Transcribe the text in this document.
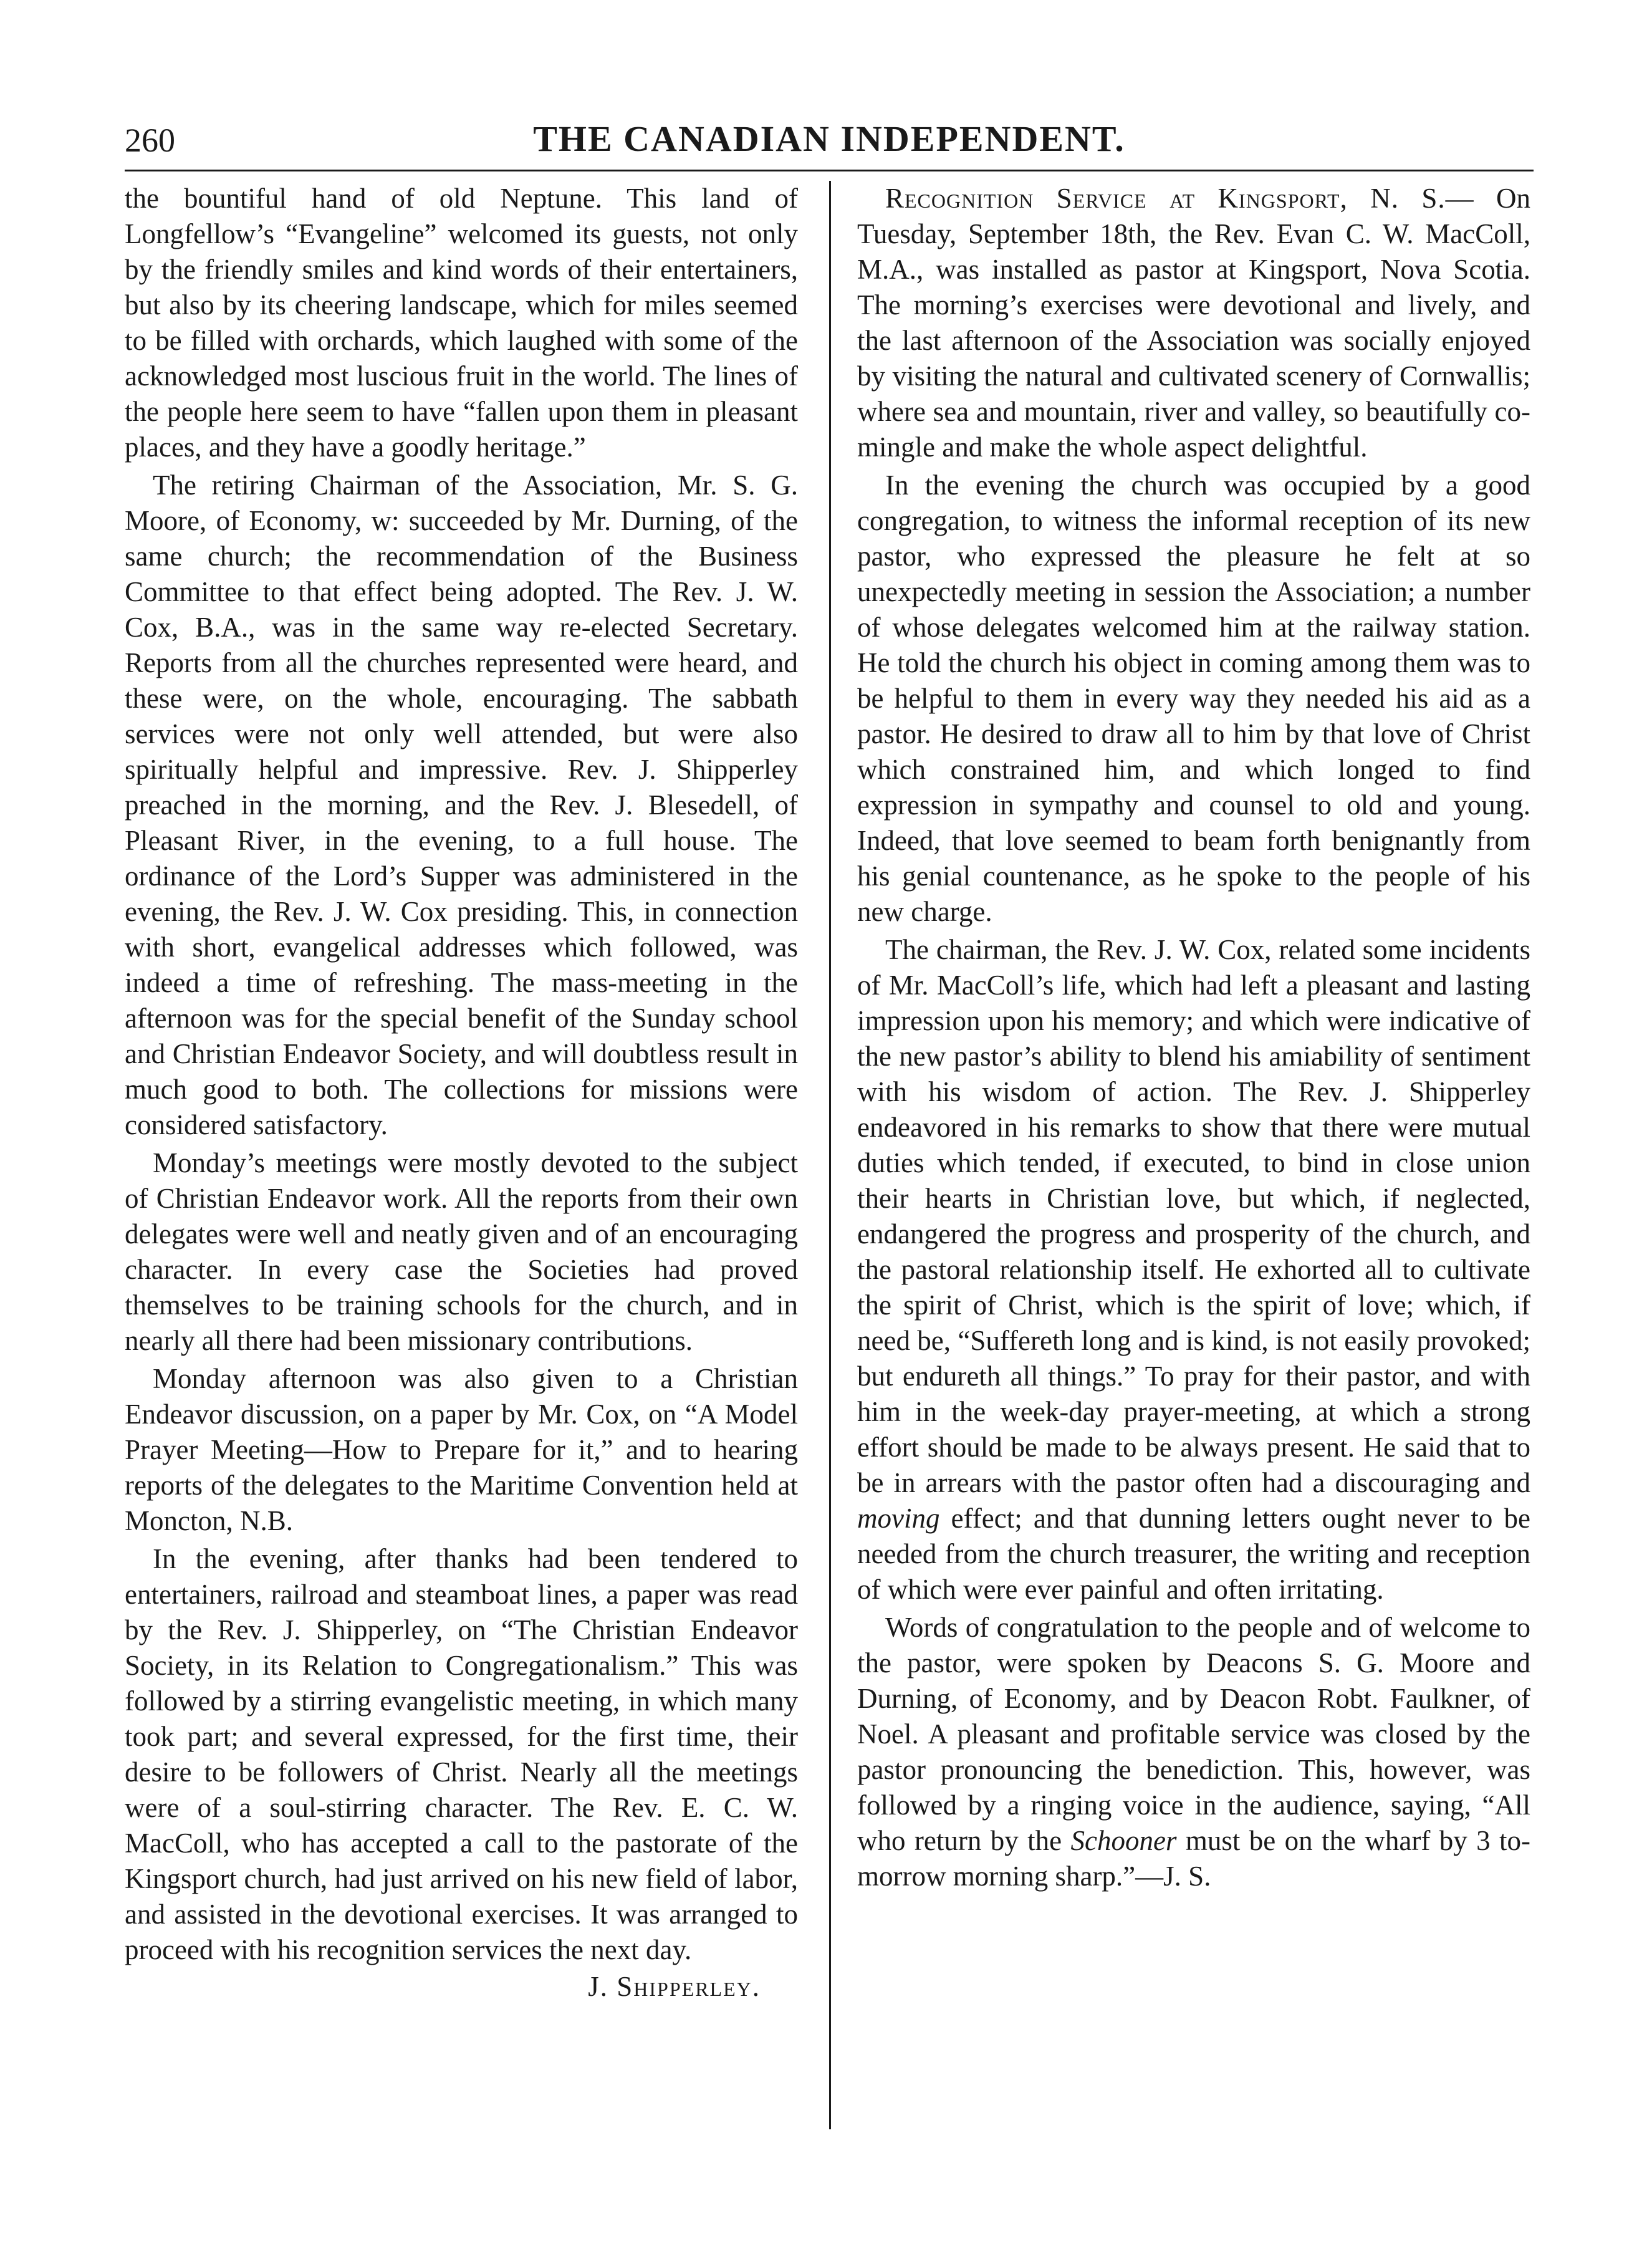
260	THE CANADIAN INDEPENDENT.

the bountiful hand of old Neptune. This land of Longfellow’s “Evangeline” welcomed its guests, not only by the friendly smiles and kind words of their entertainers, but also by its cheering landscape, which for miles seemed to be filled with orchards, which laughed with some of the acknowledged most luscious fruit in the world. The lines of the people here seem to have “fallen upon them in pleasant places, and they have a goodly heritage.”

The retiring Chairman of the Association, Mr. S. G. Moore, of Economy, w: succeeded by Mr. Durning, of the same church; the recommendation of the Business Committee to that effect being adopted. The Rev. J. W. Cox, B.A., was in the same way re-elected Secretary. Reports from all the churches represented were heard, and these were, on the whole, encouraging. The sabbath services were not only well attended, but were also spiritually helpful and impressive. Rev. J. Shipperley preached in the morning, and the Rev. J. Blesedell, of Pleasant River, in the evening, to a full house. The ordinance of the Lord’s Supper was administered in the evening, the Rev. J. W. Cox presiding. This, in connection with short, evangelical addresses which followed, was indeed a time of refreshing. The mass-meeting in the afternoon was for the special benefit of the Sunday school and Christian Endeavor Society, and will doubtless result in much good to both. The collections for missions were considered satisfactory.

Monday’s meetings were mostly devoted to the subject of Christian Endeavor work. All the reports from their own delegates were well and neatly given and of an encouraging character. In every case the Societies had proved themselves to be training schools for the church, and in nearly all there had been missionary contributions.

Monday afternoon was also given to a Christian Endeavor discussion, on a paper by Mr. Cox, on “A Model Prayer Meeting—How to Prepare for it,” and to hearing reports of the delegates to the Maritime Convention held at Moncton, N.B.

In the evening, after thanks had been tendered to entertainers, railroad and steamboat lines, a paper was read by the Rev. J. Shipperley, on “The Christian Endeavor Society, in its Relation to Congregationalism.” This was followed by a stirring evangelistic meeting, in which many took part; and several expressed, for the first time, their desire to be followers of Christ. Nearly all the meetings were of a soul-stirring character. The Rev. E. C. W. MacColl, who has accepted a call to the pastorate of the Kingsport church, had just arrived on his new field of labor, and assisted in the devotional exercises. It was arranged to proceed with his recognition services the next day.

J. Shipperley.

Recognition Service at Kingsport, N. S.— On Tuesday, September 18th, the Rev. Evan C. W. MacColl, M.A., was installed as pastor at Kingsport, Nova Scotia. The morning’s exercises were devotional and lively, and the last afternoon of the Association was socially enjoyed by visiting the natural and cultivated scenery of Cornwallis; where sea and mountain, river and valley, so beautifully co-mingle and make the whole aspect delightful.

In the evening the church was occupied by a good congregation, to witness the informal reception of its new pastor, who expressed the pleasure he felt at so unexpectedly meeting in session the Association; a number of whose delegates welcomed him at the railway station. He told the church his object in coming among them was to be helpful to them in every way they needed his aid as a pastor. He desired to draw all to him by that love of Christ which constrained him, and which longed to find expression in sympathy and counsel to old and young. Indeed, that love seemed to beam forth benignantly from his genial countenance, as he spoke to the people of his new charge.

The chairman, the Rev. J. W. Cox, related some incidents of Mr. MacColl’s life, which had left a pleasant and lasting impression upon his memory; and which were indicative of the new pastor’s ability to blend his amiability of sentiment with his wisdom of action. The Rev. J. Shipperley endeavored in his remarks to show that there were mutual duties which tended, if executed, to bind in close union their hearts in Christian love, but which, if neglected, endangered the progress and prosperity of the church, and the pastoral relationship itself. He exhorted all to cultivate the spirit of Christ, which is the spirit of love; which, if need be, “Suffereth long and is kind, is not easily provoked; but endureth all things.” To pray for their pastor, and with him in the week-day prayer-meeting, at which a strong effort should be made to be always present. He said that to be in arrears with the pastor often had a discouraging and moving effect; and that dunning letters ought never to be needed from the church treasurer, the writing and reception of which were ever painful and often irritating.

Words of congratulation to the people and of welcome to the pastor, were spoken by Deacons S. G. Moore and Durning, of Economy, and by Deacon Robt. Faulkner, of Noel. A pleasant and profitable service was closed by the pastor pronouncing the benediction. This, however, was followed by a ringing voice in the audience, saying, “All who return by the Schooner must be on the wharf by 3 to-morrow morning sharp.”—J. S.
